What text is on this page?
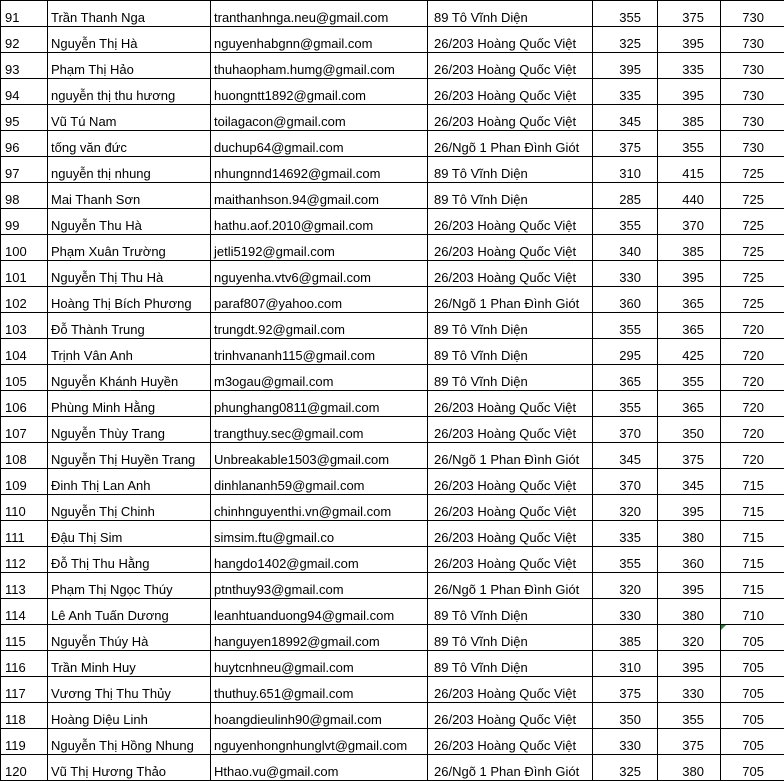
91	Trần Thanh Nga	tranthanhnga.neu@gmail.com	89 Tô Vĩnh Diện	355	375	730
92	Nguyễn Thị Hà	nguyenhabgnn@gmail.com	26/203 Hoàng Quốc Việt	325	395	730
93	Phạm Thị Hảo	thuhaopham.humg@gmail.com	26/203 Hoàng Quốc Việt	395	335	730
94	nguyễn thị thu hương	huongntt1892@gmail.com	26/203 Hoàng Quốc Việt	335	395	730
95	Vũ Tú Nam	toilagacon@gmail.com	26/203 Hoàng Quốc Việt	345	385	730
96	tống văn đức	duchup64@gmail.com	26/Ngõ 1 Phan Đình Giót	375	355	730
97	nguyễn thị nhung	nhungnnd14692@gmail.com	89 Tô Vĩnh Diện	310	415	725
98	Mai Thanh Sơn	maithanhson.94@gmail.com	89 Tô Vĩnh Diện	285	440	725
99	Nguyễn Thu Hà	hathu.aof.2010@gmail.com	26/203 Hoàng Quốc Việt	355	370	725
100	Phạm Xuân Trường	jetli5192@gmail.com	26/203 Hoàng Quốc Việt	340	385	725
101	Nguyễn Thị Thu Hà	nguyenha.vtv6@gmail.com	26/203 Hoàng Quốc Việt	330	395	725
102	Hoàng Thị Bích Phương	paraf807@yahoo.com	26/Ngõ 1 Phan Đình Giót	360	365	725
103	Đỗ Thành Trung	trungdt.92@gmail.com	89 Tô Vĩnh Diện	355	365	720
104	Trịnh Vân Anh	trinhvananh115@gmail.com	89 Tô Vĩnh Diện	295	425	720
105	Nguyễn Khánh Huyền	m3ogau@gmail.com	89 Tô Vĩnh Diện	365	355	720
106	Phùng Minh Hằng	phunghang0811@gmail.com	26/203 Hoàng Quốc Việt	355	365	720
107	Nguyễn Thùy Trang	trangthuy.sec@gmail.com	26/203 Hoàng Quốc Việt	370	350	720
108	Nguyễn Thị Huyền Trang	Unbreakable1503@gmail.com	26/Ngõ 1 Phan Đình Giót	345	375	720
109	Đinh Thị Lan Anh	dinhlananh59@gmail.com	26/203 Hoàng Quốc Việt	370	345	715
110	Nguyễn Thị Chinh	chinhnguyenthi.vn@gmail.com	26/203 Hoàng Quốc Việt	320	395	715
111	Đậu Thị Sim	simsim.ftu@gmail.co	26/203 Hoàng Quốc Việt	335	380	715
112	Đỗ Thị Thu Hằng	hangdo1402@gmail.com	26/203 Hoàng Quốc Việt	355	360	715
113	Phạm Thị Ngọc Thúy	ptnthuy93@gmail.com	26/Ngõ 1 Phan Đình Giót	320	395	715
114	Lê Anh Tuấn Dương	leanhtuanduong94@gmail.com	89 Tô Vĩnh Diện	330	380	710
115	Nguyễn Thúy Hà	hanguyen18992@gmail.com	89 Tô Vĩnh Diện	385	320	705
116	Trần Minh Huy	huytcnhneu@gmail.com	89 Tô Vĩnh Diện	310	395	705
117	Vương Thị Thu Thủy	thuthuy.651@gmail.com	26/203 Hoàng Quốc Việt	375	330	705
118	Hoàng Diệu Linh	hoangdieulinh90@gmail.com	26/203 Hoàng Quốc Việt	350	355	705
119	Nguyễn Thị Hồng Nhung	nguyenhongnhunglvt@gmail.com	26/203 Hoàng Quốc Việt	330	375	705
120	Vũ Thị Hương Thảo	Hthao.vu@gmail.com	26/Ngõ 1 Phan Đình Giót	325	380	705
